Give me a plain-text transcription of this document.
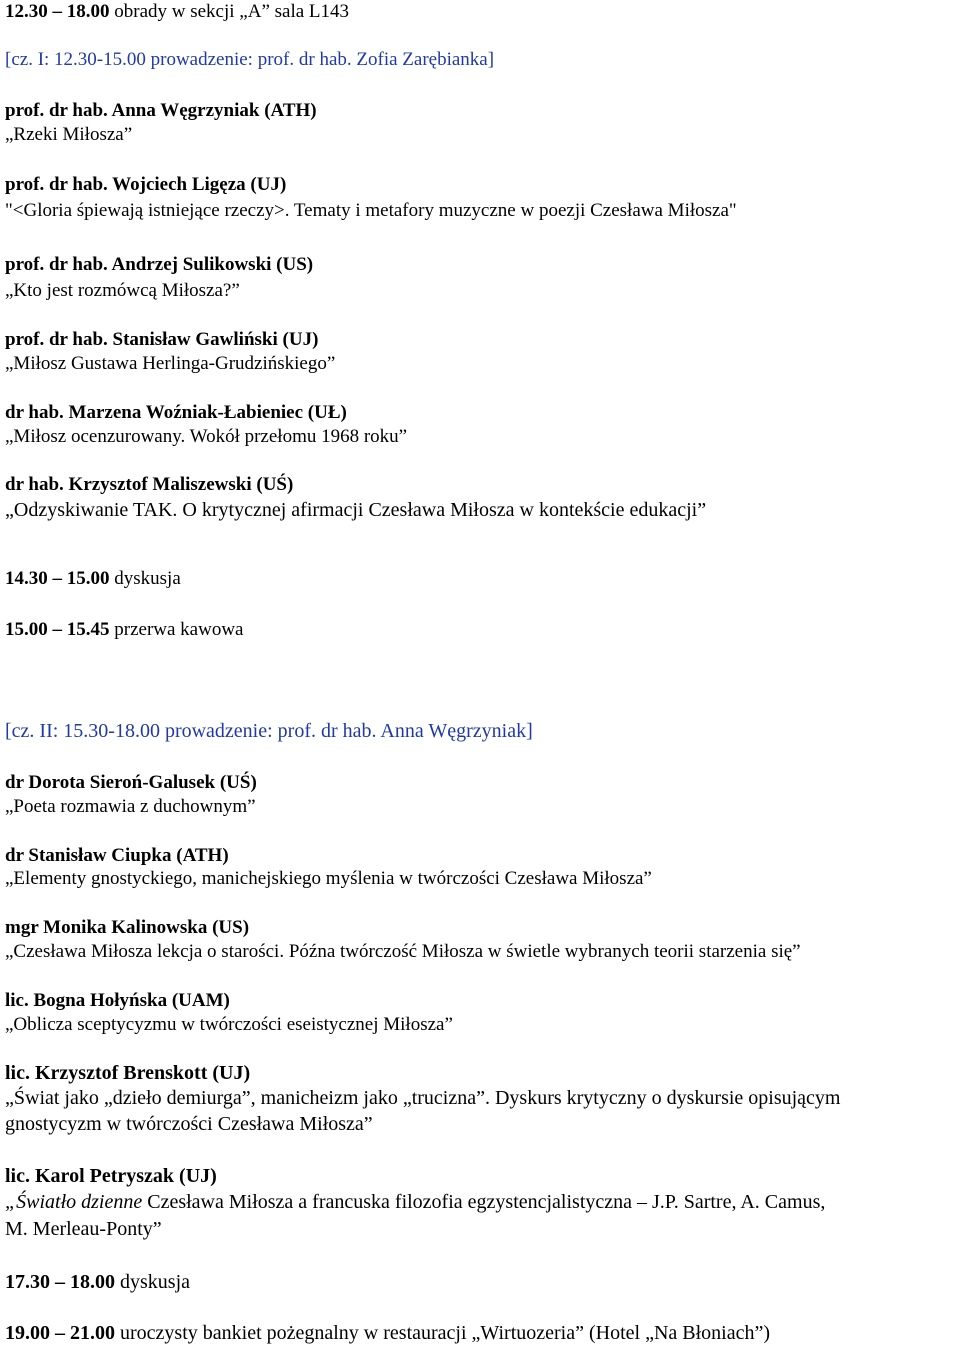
12.30 – 18.00 obrady w sekcji „A” sala L143
[cz. I: 12.30-15.00 prowadzenie: prof. dr hab. Zofia Zarębianka]
prof. dr hab. Anna Węgrzyniak (ATH)
„Rzeki Miłosza”
prof. dr hab. Wojciech Ligęza (UJ)
"<Gloria śpiewają istniejące rzeczy>. Tematy i metafory muzyczne w poezji Czesława Miłosza"
prof. dr hab. Andrzej Sulikowski (US)
„Kto jest rozmówcą Miłosza?”
prof. dr hab. Stanisław Gawliński (UJ)
„Miłosz Gustawa Herlinga-Grudzińskiego”
dr hab. Marzena Woźniak-Łabieniec (UŁ)
„Miłosz ocenzurowany. Wokół przełomu 1968 roku”
dr hab. Krzysztof Maliszewski (UŚ)
„Odzyskiwanie TAK. O krytycznej afirmacji Czesława Miłosza w kontekście edukacji”
14.30 – 15.00 dyskusja
15.00 – 15.45 przerwa kawowa
[cz. II: 15.30-18.00 prowadzenie: prof. dr hab. Anna Węgrzyniak]
dr Dorota Sieroń-Galusek (UŚ)
„Poeta rozmawia z duchownym”
dr Stanisław Ciupka (ATH)
„Elementy gnostyckiego, manichejskiego myślenia w twórczości Czesława Miłosza”
mgr Monika Kalinowska (US)
„Czesława Miłosza lekcja o starości. Późna twórczość Miłosza w świetle wybranych teorii starzenia się”
lic. Bogna Hołyńska (UAM)
„Oblicza sceptycyzmu w twórczości eseistycznej Miłosza”
lic. Krzysztof Brenskott (UJ)
„Świat jako „dzieło demiurga”, manicheizm jako „trucizna”. Dyskurs krytyczny o dyskursie opisującym
gnostycyzm w twórczości Czesława Miłosza”
lic. Karol Petryszak (UJ)
„Światło dzienne Czesława Miłosza a francuska filozofia egzystencjalistyczna – J.P. Sartre, A. Camus,
M. Merleau-Ponty”
17.30 – 18.00 dyskusja
19.00 – 21.00 uroczysty bankiet pożegnalny w restauracji „Wirtuozeria” (Hotel „Na Błoniach”)
